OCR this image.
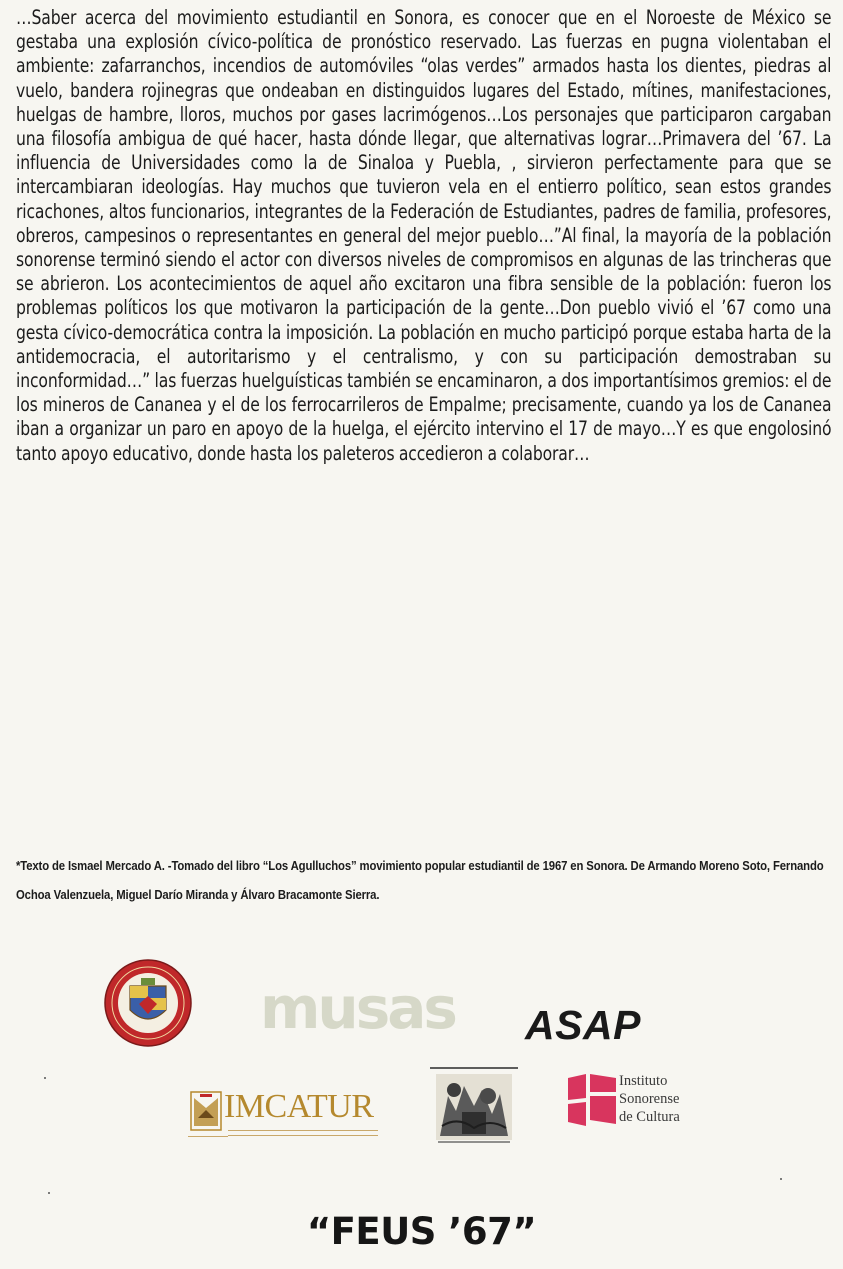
…Saber acerca del movimiento estudiantil en Sonora, es conocer que en el Noroeste de México se gestaba una explosión cívico-política de pronóstico reservado. Las fuerzas en pugna violentaban el ambiente: zafarranchos, incendios de automóviles “olas verdes” armados hasta los dientes, piedras al vuelo, bandera rojinegras que ondeaban en distinguidos lugares del Estado, mítines, manifestaciones, huelgas de hambre, lloros, muchos por gases lacrimógenos…Los personajes que participaron cargaban una filosofía ambigua de qué hacer, hasta dónde llegar, que alternativas lograr…Primavera del ’67. La influencia de Universidades como la de Sinaloa y Puebla, , sirvieron perfectamente para que se intercambiaran ideologías. Hay muchos que tuvieron vela en el entierro político, sean estos grandes ricachones, altos funcionarios, integrantes de la Federación de Estudiantes, padres de familia, profesores, obreros, campesinos o representantes en general del mejor pueblo…”Al final, la mayoría de la población sonorense terminó siendo el actor con diversos niveles de compromisos en algunas de las trincheras que se abrieron. Los acontecimientos de aquel año excitaron una fibra sensible de la población: fueron los problemas políticos los que motivaron la participación de la gente…Don pueblo vivió el ’67 como una gesta cívico-democrática contra la imposición. La población en mucho participó porque estaba harta de la antidemocracia, el autoritarismo y el centralismo, y con su participación demostraban su inconformidad…” las fuerzas huelguísticas también se encaminaron, a dos importantísimos gremios: el de los mineros de Cananea y el de los ferrocarrileros de Empalme; precisamente, cuando ya los de Cananea iban a organizar un paro en apoyo de la huelga, el ejército intervino el 17 de mayo…Y es que engolosinó tanto apoyo educativo, donde hasta los paleteros accedieron a colaborar…

*Texto de Ismael Mercado A. -Tomado del libro “Los Agulluchos” movimiento popular estudiantil de 1967 en Sonora. De Armando Moreno Soto, Fernando Ochoa Valenzuela, Miguel Darío Miranda y Álvaro Bracamonte Sierra.

musas ASAP
IMCATUR
Instituto
Sonorense
de Cultura
“FEUS ’67”
